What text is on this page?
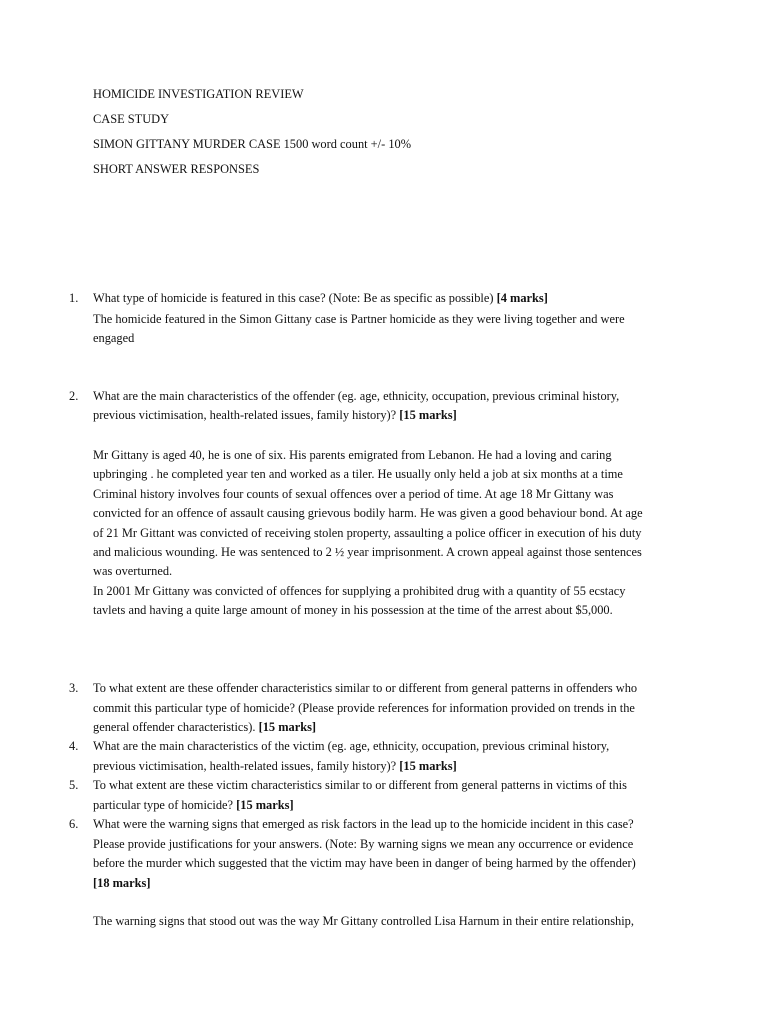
HOMICIDE INVESTIGATION REVIEW
CASE STUDY
SIMON GITTANY MURDER CASE 1500 word count +/- 10%
SHORT ANSWER RESPONSES
1. What type of homicide is featured in this case? (Note: Be as specific as possible) [4 marks]
The homicide featured in the Simon Gittany case is Partner homicide as they were living together and were
engaged
2. What are the main characteristics of the offender (eg. age, ethnicity, occupation, previous criminal history,
previous victimisation, health-related issues, family history)? [15 marks]
Mr Gittany is aged 40, he is one of six. His parents emigrated from Lebanon. He had a loving and caring
upbringing . he completed year ten and worked as a tiler. He usually only held a job at six months at a time
Criminal history involves four counts of sexual offences over a period of time. At age 18 Mr Gittany was
convicted for an offence of assault causing grievous bodily harm. He was given a good behaviour bond. At age
of 21 Mr Gittant was convicted of receiving stolen property, assaulting a police officer in execution of his duty
and malicious wounding. He was sentenced to 2 ½ year imprisonment. A crown appeal against those sentences
was overturned.
In 2001 Mr Gittany was convicted of offences for supplying a prohibited drug with a quantity of 55 ecstacy
tavlets and having a quite large amount of money in his possession at the time of the arrest about $5,000.
3. To what extent are these offender characteristics similar to or different from general patterns in offenders who
commit this particular type of homicide? (Please provide references for information provided on trends in the
general offender characteristics). [15 marks]
4. What are the main characteristics of the victim (eg. age, ethnicity, occupation, previous criminal history,
previous victimisation, health-related issues, family history)? [15 marks]
5. To what extent are these victim characteristics similar to or different from general patterns in victims of this
particular type of homicide? [15 marks]
6. What were the warning signs that emerged as risk factors in the lead up to the homicide incident in this case?
Please provide justifications for your answers. (Note: By warning signs we mean any occurrence or evidence
before the murder which suggested that the victim may have been in danger of being harmed by the offender)
[18 marks]
The warning signs that stood out was the way Mr Gittany controlled Lisa Harnum in their entire relationship,
